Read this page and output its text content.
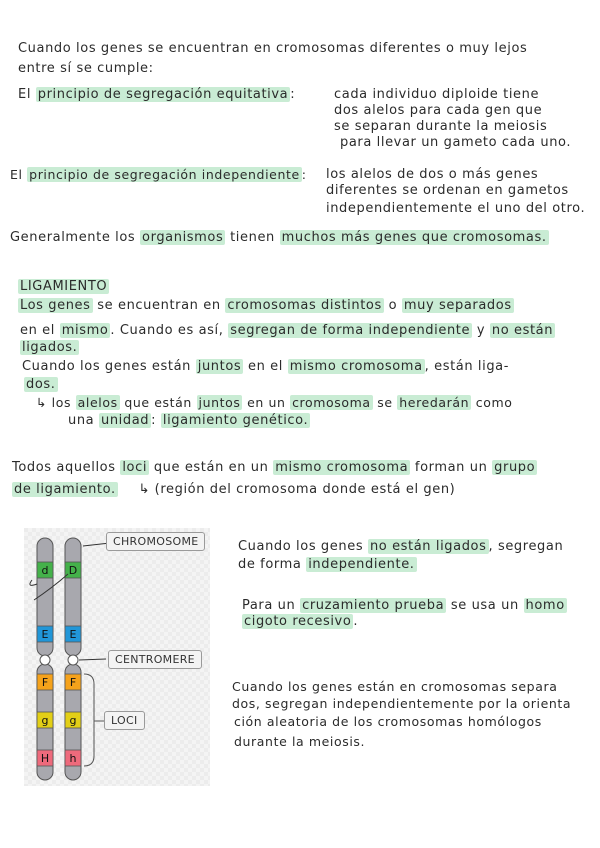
Cuando los genes se encuentran en cromosomas diferentes o muy lejos
entre sí se cumple:
El principio de segregación equitativa :	cada individuo diploide tiene
dos alelos para cada gen que
se separan durante la meiosis
para llevar un gameto cada uno.
El principio de segregación independiente : los alelos de dos o más genes
diferentes se ordenan en gametos
independientemente el uno del otro.
Generalmente los organismos tienen muchos más genes que cromosomas.
LIGAMIENTO
Los genes se encuentran en cromosomas distintos o muy separados
en el mismo . Cuando es así, segregan de forma independiente y no están
ligados.
Cuando los genes están juntos en el mismo cromosoma , están liga-
dos.
↳ los alelos que están juntos en un cromosoma se heredarán como
una unidad : ligamiento genético.
Todos aquellos loci que están en un mismo cromosoma forman un grupo
de ligamiento. ↳ (región del cromosoma donde está el gen)
d
E
F
g
H
D
E
F
g
h
CHROMOSOME
CENTROMERE
LOCI
Cuando los genes no están ligados , segregan
de forma independiente.
Para un cruzamiento prueba se usa un homo
cigoto recesivo .
Cuando los genes están en cromosomas separa
dos, segregan independientemente por la orienta
ción aleatoria de los cromosomas homólogos
durante la meiosis.
